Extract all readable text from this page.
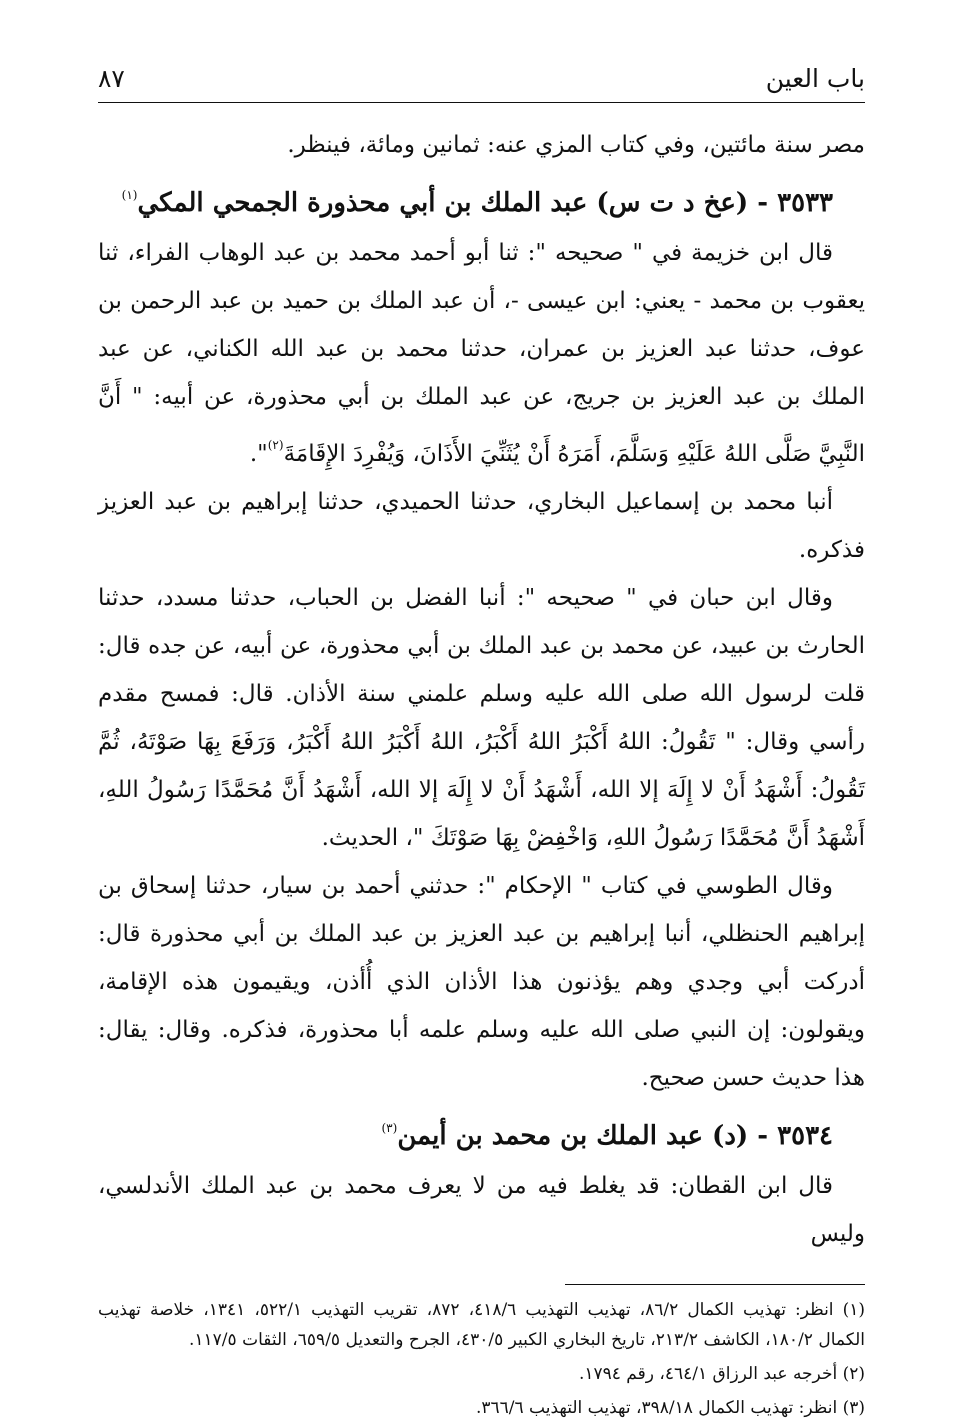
باب العين
٨٧

مصر سنة مائتين، وفي كتاب المزي عنه: ثمانين ومائة، فينظر.

٣٥٣٣ - (عخ د ت س) عبد الملك بن أبي محذورة الجمحي المكي$^{(١)}$

قال ابن خزيمة في " صحيحه ": ثنا أبو أحمد محمد بن عبد الوهاب الفراء، ثنا يعقوب بن محمد - يعني: ابن عيسى -، أن عبد الملك بن حميد بن عبد الرحمن بن عوف، حدثنا عبد العزيز بن عمران، حدثنا محمد بن عبد الله الكناني، عن عبد الملك بن عبد العزيز بن جريج، عن عبد الملك بن أبي محذورة، عن أبيه: " أَنَّ النَّبِيَّ صَلَّى اللهُ عَلَيْهِ وَسَلَّمَ، أَمَرَهُ أَنْ يُثَنِّيَ الأَذَانَ، وَيُفْرِدَ الإِقَامَةَ$^{(٢)}$".

أنبا محمد بن إسماعيل البخاري، حدثنا الحميدي، حدثنا إبراهيم بن عبد العزيز فذكره.

وقال ابن حبان في " صحيحه ": أنبا الفضل بن الحباب، حدثنا مسدد، حدثنا الحارث بن عبيد، عن محمد بن عبد الملك بن أبي محذورة، عن أبيه، عن جده قال: قلت لرسول الله صلى الله عليه وسلم علمني سنة الأذان. قال: فمسح مقدم رأسي وقال: " تَقُولُ: اللهُ أَكْبَرُ اللهُ أَكْبَرُ، اللهُ أَكْبَرُ اللهُ أَكْبَرُ، وَرَفَعَ بِهَا صَوْتَهُ، ثُمَّ تَقُولُ: أَشْهَدُ أَنْ لا إِلَهَ إلا الله، أَشْهَدُ أَنْ لا إِلَهَ إلا الله، أَشْهَدُ أَنَّ مُحَمَّدًا رَسُولُ اللهِ، أَشْهَدُ أَنَّ مُحَمَّدًا رَسُولُ اللهِ، وَاخْفِضْ بِهَا صَوْتَكَ "، الحديث.

وقال الطوسي في كتاب " الإحكام ": حدثني أحمد بن سيار، حدثنا إسحاق بن إبراهيم الحنظلي، أنبا إبراهيم بن عبد العزيز بن عبد الملك بن أبي محذورة قال: أدركت أبي وجدي وهم يؤذنون هذا الأذان الذي أُأذن، ويقيمون هذه الإقامة، ويقولون: إن النبي صلى الله عليه وسلم علمه أبا محذورة، فذكره. وقال: يقال: هذا حديث حسن صحيح.

٣٥٣٤ - (د) عبد الملك بن محمد بن أيمن$^{(٣)}$

قال ابن القطان: قد يغلط فيه من لا يعرف محمد بن عبد الملك الأندلسي، وليس

(١) انظر: تهذيب الكمال ٨٦/٢، تهذيب التهذيب ٤١٨/٦، ٨٧٢، تقريب التهذيب ٥٢٢/١، ١٣٤١، خلاصة تهذيب الكمال ١٨٠/٢، الكاشف ٢١٣/٢، تاريخ البخاري الكبير ٤٣٠/٥، الجرح والتعديل ٦٥٩/٥، الثقات ١١٧/٥.

(٢) أخرجه عبد الرزاق ٤٦٤/١، رقم ١٧٩٤.

(٣) انظر: تهذيب الكمال ٣٩٨/١٨، تهذيب التهذيب ٣٦٦/٦.
